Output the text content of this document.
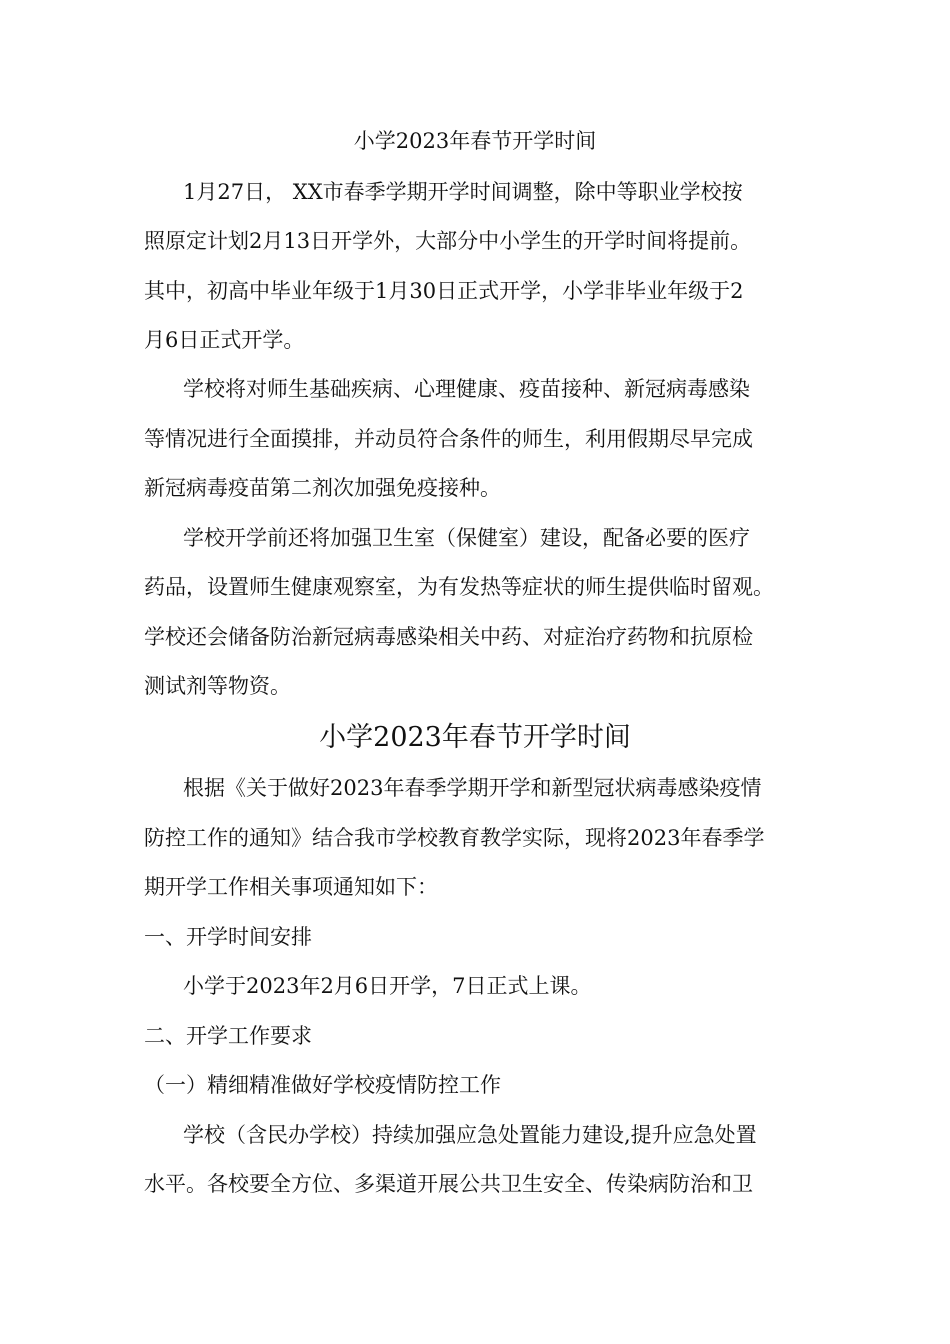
小学2023年春节开学时间
1月27日， XX市春季学期开学时间调整，除中等职业学校按
照原定计划2月13日开学外，大部分中小学生的开学时间将提前。
其中，初高中毕业年级于1月30日正式开学，小学非毕业年级于2
月6日正式开学。
学校将对师生基础疾病、心理健康、疫苗接种、新冠病毒感染
等情况进行全面摸排，并动员符合条件的师生，利用假期尽早完成
新冠病毒疫苗第二剂次加强免疫接种。
学校开学前还将加强卫生室（保健室）建设，配备必要的医疗
药品，设置师生健康观察室，为有发热等症状的师生提供临时留观。
学校还会储备防治新冠病毒感染相关中药、对症治疗药物和抗原检
测试剂等物资。
小学2023年春节开学时间
根据《关于做好2023年春季学期开学和新型冠状病毒感染疫情
防控工作的通知》结合我市学校教育教学实际，现将2023年春季学
期开学工作相关事项通知如下：
一、开学时间安排
小学于2023年2月6日开学，7日正式上课。
二、开学工作要求
（一）精细精准做好学校疫情防控工作
学校（含民办学校）持续加强应急处置能力建设,提升应急处置
水平。各校要全方位、多渠道开展公共卫生安全、传染病防治和卫
